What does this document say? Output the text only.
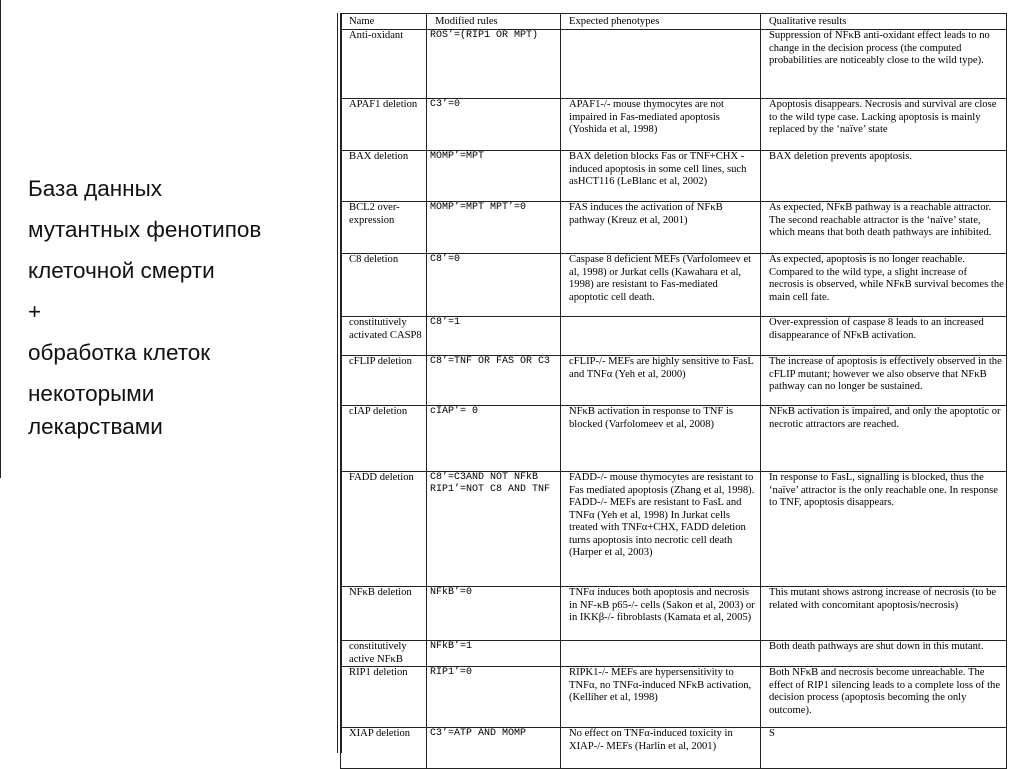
База данных
мутантных фенотипов
клеточной смерти
+
обработка клеток
некоторыми
лекарствами
Name	Modified rules	Expected phenotypes	Qualitative results
Anti-oxidant	ROS’=(RIP1 OR MPT)		Suppression of NFκB anti-oxidant effect leads to no change in the decision process (the computed probabilities are noticeably close to the wild type).
APAF1 deletion	C3’=0	APAF1-/- mouse thymocytes are not impaired in Fas-mediated apoptosis (Yoshida et al, 1998)	Apoptosis disappears. Necrosis and survival are close to the wild type case. Lacking apoptosis is mainly replaced by the ‘naïve’ state
BAX deletion	MOMP’=MPT	BAX deletion blocks Fas or TNF+CHX - induced apoptosis in some cell lines, such asHCT116 (LeBlanc et al, 2002)	BAX deletion prevents apoptosis.
BCL2 over-expression	MOMP’=MPT MPT’=0	FAS induces the activation of NFκB pathway (Kreuz et al, 2001)	As expected, NFκB pathway is a reachable attractor. The second reachable attractor is the ‘naïve’ state, which means that both death pathways are inhibited.
C8 deletion	C8’=0	Caspase 8 deficient MEFs (Varfolomeev et al, 1998) or Jurkat cells (Kawahara et al, 1998) are resistant to Fas-mediated apoptotic cell death.	As expected, apoptosis is no longer reachable. Compared to the wild type, a slight increase of necrosis is observed, while NFκB survival becomes the main cell fate.
constitutively activated CASP8	C8’=1		Over-expression of caspase 8 leads to an increased disappearance of NFκB activation.
cFLIP deletion	C8’=TNF OR FAS OR C3	cFLIP-/- MEFs are highly sensitive to FasL and TNFα (Yeh et al, 2000)	The increase of apoptosis is effectively observed in the cFLIP mutant; however we also observe that NFκB pathway can no longer be sustained.
cIAP deletion	cIAP’= 0	NFκB activation in response to TNF is blocked (Varfolomeev et al, 2008)	NFκB activation is impaired, and only the apoptotic or necrotic attractors are reached.
FADD deletion	C8’=C3AND NOT NFkB RIP1’=NOT C8 AND TNF	FADD-/- mouse thymocytes are resistant to Fas mediated apoptosis (Zhang et al, 1998). FADD-/- MEFs are resistant to FasL and TNFα (Yeh et al, 1998) In Jurkat cells treated with TNFα+CHX, FADD deletion turns apoptosis into necrotic cell death (Harper et al, 2003)	In response to FasL, signalling is blocked, thus the ‘naïve’ attractor is the only reachable one. In response to TNF, apoptosis disappears.
NFκB deletion	NFkB’=0	TNFα induces both apoptosis and necrosis in NF-κB p65-/- cells (Sakon et al, 2003) or in IKKβ-/- fibroblasts (Kamata et al, 2005)	This mutant shows astrong increase of necrosis (to be related with concomitant apoptosis/necrosis)
constitutively active NFκB	NFkB’=1		Both death pathways are shut down in this mutant.
RIP1 deletion	RIP1’=0	RIPK1-/- MEFs are hypersensitivity to TNFα, no TNFα-induced NFκB activation, (Kelliher et al, 1998)	Both NFκB and necrosis become unreachable. The effect of RIP1 silencing leads to a complete loss of the decision process (apoptosis becoming the only outcome).
XIAP deletion	C3’=ATP AND MOMP	No effect on TNFα-induced toxicity in XIAP-/- MEFs (Harlin et al, 2001)	S
